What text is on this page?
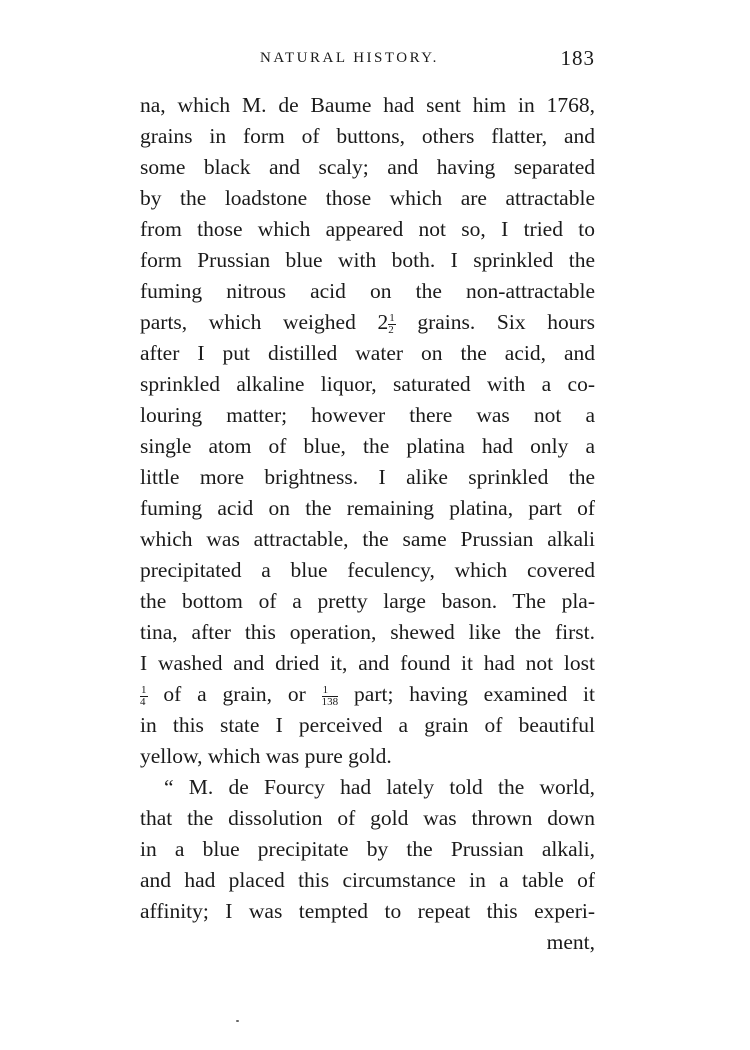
NATURAL HISTORY.	183
na, which M. de Baume had sent him in 1768,
grains in form of buttons, others flatter, and
some black and scaly; and having separated
by the loadstone those which are attractable
from those which appeared not so, I tried to
form Prussian blue with both. I sprinkled the
fuming nitrous acid on the non-attractable
parts, which weighed $2 \frac{1}{2}$ grains. Six hours
after I put distilled water on the acid, and
sprinkled alkaline liquor, saturated with a co-
louring matter; however there was not a
single atom of blue, the platina had only a
little more brightness. I alike sprinkled the
fuming acid on the remaining platina, part of
which was attractable, the same Prussian alkali
precipitated a blue feculency, which covered
the bottom of a pretty large bason. The pla-
tina, after this operation, shewed like the first.
I washed and dried it, and found it had not lost
$\frac{1}{4}$ of a grain, or $\frac{1}{138}$ part; having examined it
in this state I perceived a grain of beautiful
yellow, which was pure gold.
“ M. de Fourcy had lately told the world,
that the dissolution of gold was thrown down
in a blue precipitate by the Prussian alkali,
and had placed this circumstance in a table of
affinity; I was tempted to repeat this experi-
ment,
